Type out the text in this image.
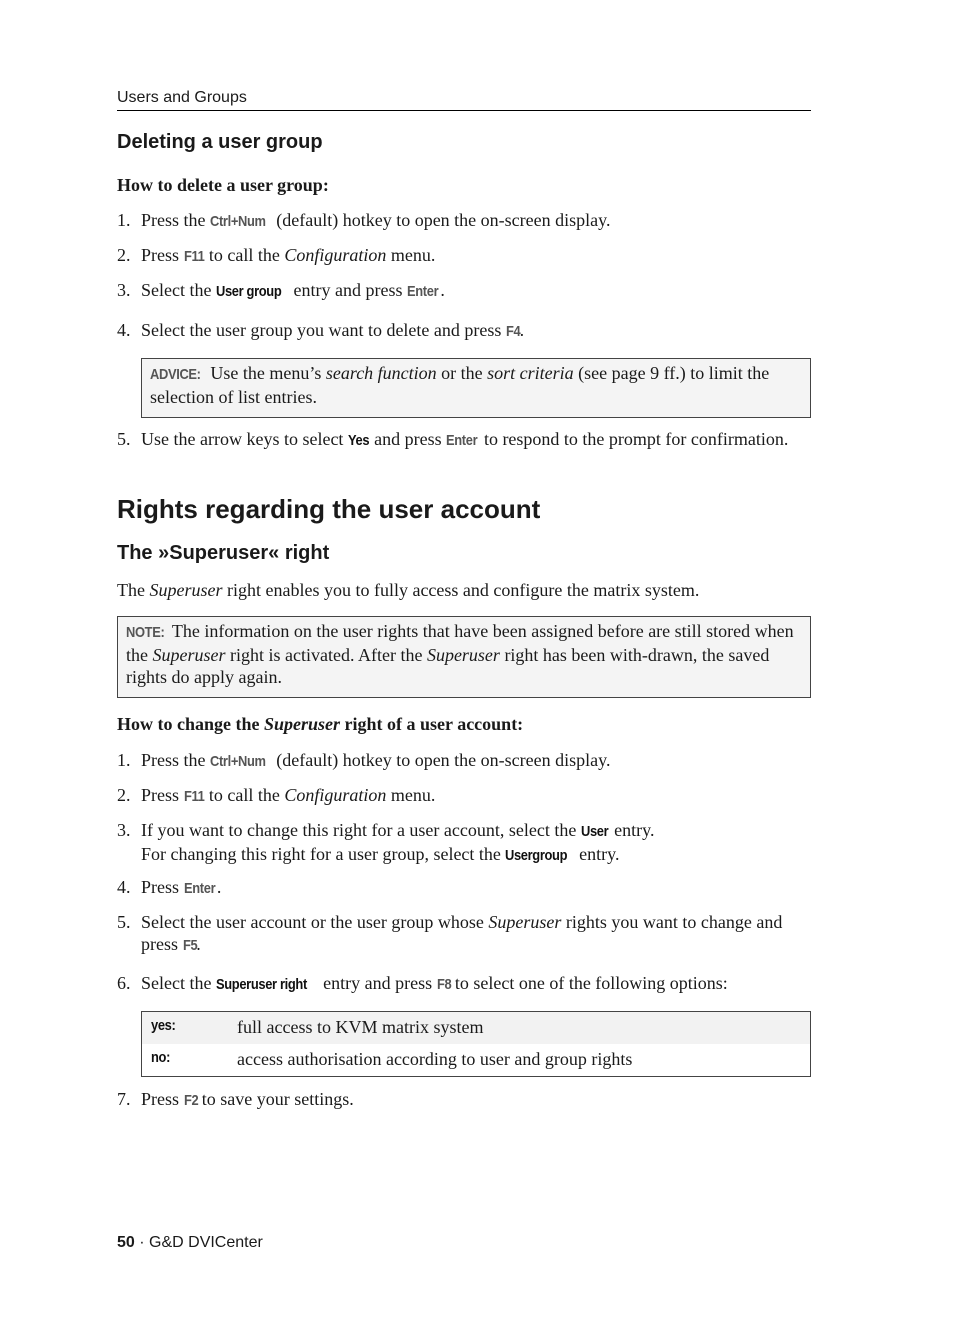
Users and Groups
Deleting a user group

How to delete a user group:

1. Press the Ctrl+Num (default) hotkey to open the on-screen display.
2. Press F11 to call the Configuration menu.
3. Select the User group entry and press Enter .
4. Select the user group you want to delete and press F4.
ADVICE: Use the menu’s search function or the sort criteria (see page 9 ff.) to limit the selection of list entries.
5. Use the arrow keys to select Yes and press Enter to respond to the prompt for confirmation.
Rights regarding the user account
The »Superuser« right

The Superuser right enables you to fully access and configure the matrix system.

NOTE: The information on the user rights that have been assigned before are still stored when the Superuser right is activated. After the Superuser right has been with-drawn, the saved rights do apply again.

How to change the Superuser right of a user account:

1. Press the Ctrl+Num (default) hotkey to open the on-screen display.
2. Press F11 to call the Configuration menu.
3. If you want to change this right for a user account, select the User entry.
For changing this right for a user group, select the Usergroup entry.
4. Press Enter .
5. Select the user account or the user group whose Superuser rights you want to change and press F5.
6. Select the Superuser right entry and press F8 to select one of the following options:
yes:	full access to KVM matrix system
no:	access authorisation according to user and group rights
7. Press F2 to save your settings.
50 · G&D DVICenter
